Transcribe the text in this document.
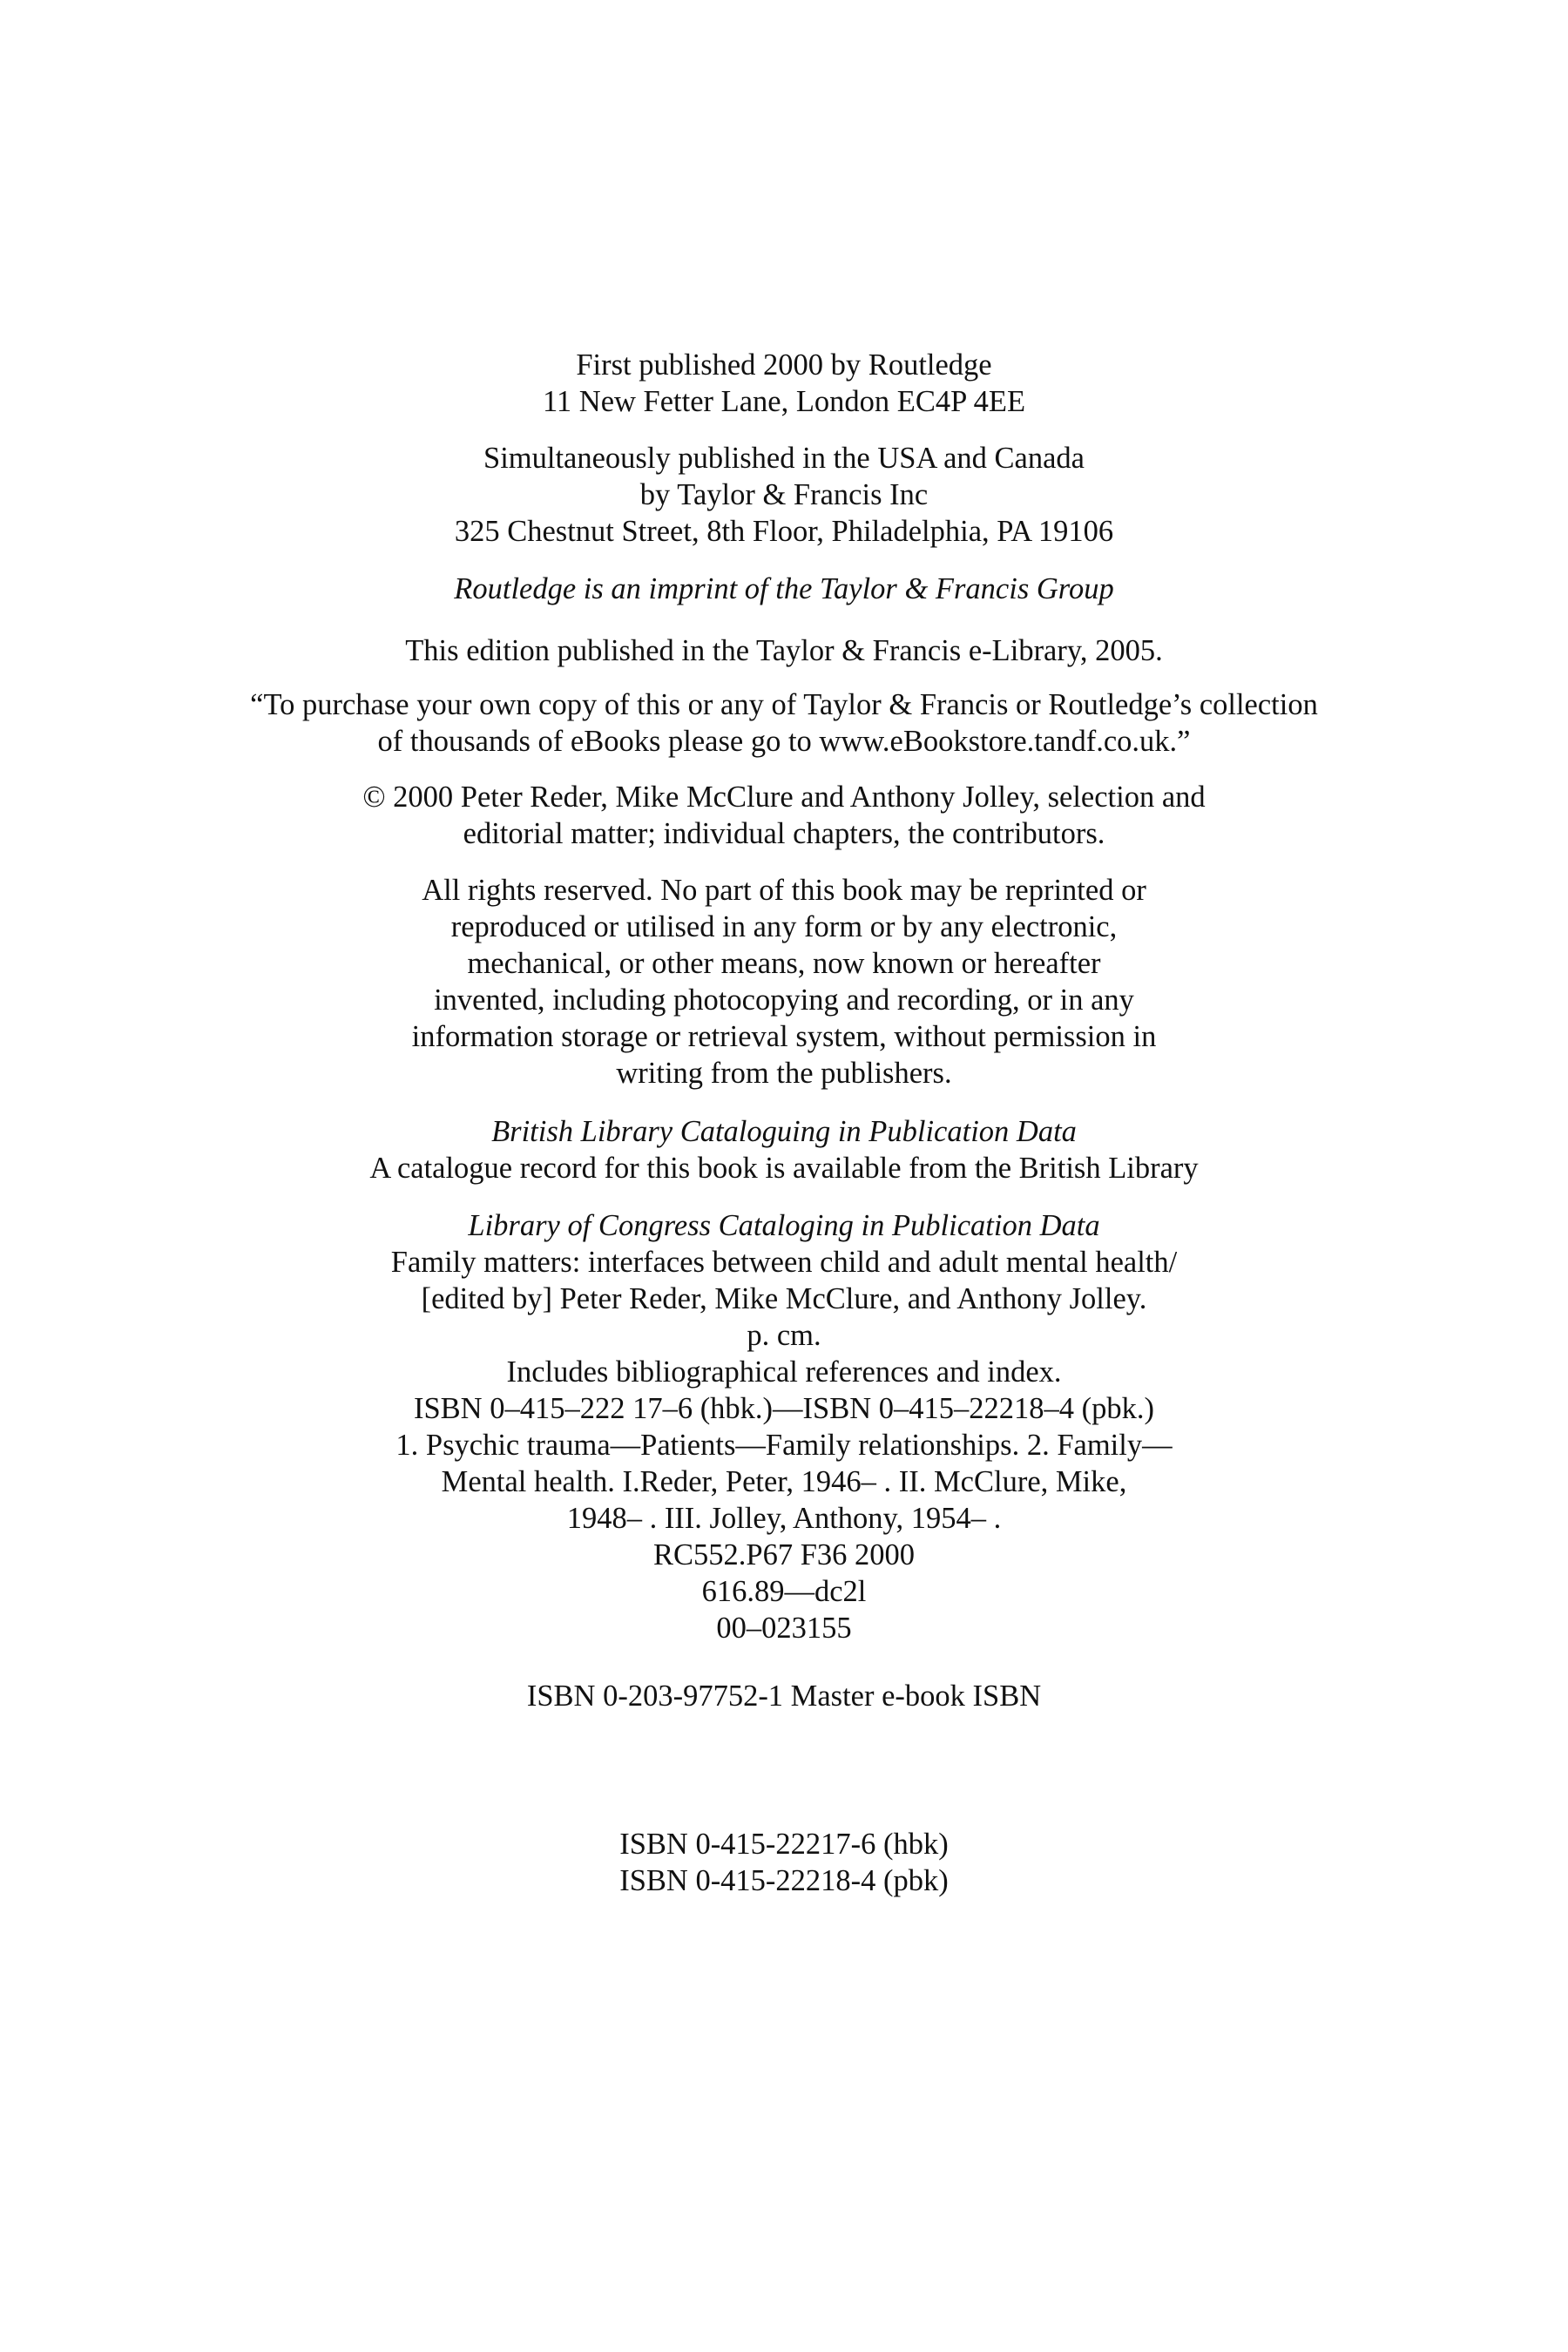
First published 2000 by Routledge
11 New Fetter Lane, London EC4P 4EE
Simultaneously published in the USA and Canada
by Taylor & Francis Inc
325 Chestnut Street, 8th Floor, Philadelphia, PA 19106
Routledge is an imprint of the Taylor & Francis Group
This edition published in the Taylor & Francis e-Library, 2005.
“To purchase your own copy of this or any of Taylor & Francis or Routledge’s collection
of thousands of eBooks please go to www.eBookstore.tandf.co.uk.”
© 2000 Peter Reder, Mike McClure and Anthony Jolley, selection and
editorial matter; individual chapters, the contributors.
All rights reserved. No part of this book may be reprinted or
reproduced or utilised in any form or by any electronic,
mechanical, or other means, now known or hereafter
invented, including photocopying and recording, or in any
information storage or retrieval system, without permission in
writing from the publishers.
British Library Cataloguing in Publication Data
A catalogue record for this book is available from the British Library
Library of Congress Cataloging in Publication Data
Family matters: interfaces between child and adult mental health/
[edited by] Peter Reder, Mike McClure, and Anthony Jolley.
p. cm.
Includes bibliographical references and index.
ISBN 0–415–222 17–6 (hbk.)—ISBN 0–415–22218–4 (pbk.)
1. Psychic trauma—Patients—Family relationships. 2. Family—
Mental health. I.Reder, Peter, 1946– . II. McClure, Mike,
1948– . III. Jolley, Anthony, 1954– .
RC552.P67 F36 2000
616.89—dc2l
00–023155
ISBN 0-203-97752-1 Master e-book ISBN
ISBN 0-415-22217-6 (hbk)
ISBN 0-415-22218-4 (pbk)
